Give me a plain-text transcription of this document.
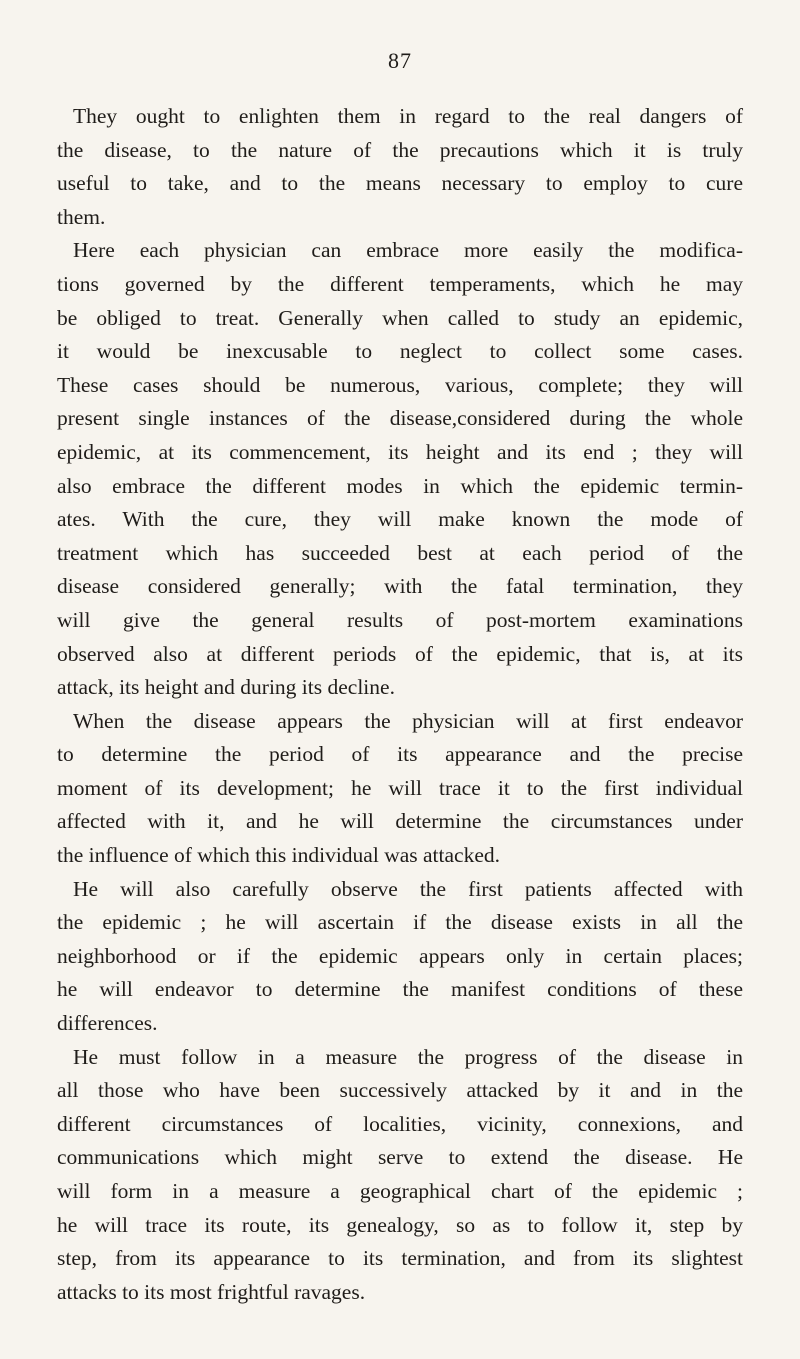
87
They ought to enlighten them in regard to the real dangers of
the disease, to the nature of the precautions which it is truly
useful to take, and to the means necessary to employ to cure
them.
Here each physician can embrace more easily the modifica-
tions governed by the different temperaments, which he may
be obliged to treat. Generally when called to study an epidemic,
it would be inexcusable to neglect to collect some cases.
These cases should be numerous, various, complete; they will
present single instances of the disease,considered during the whole
epidemic, at its commencement, its height and its end ; they will
also embrace the different modes in which the epidemic termin-
ates. With the cure, they will make known the mode of
treatment which has succeeded best at each period of the
disease considered generally; with the fatal termination, they
will give the general results of post-mortem examinations
observed also at different periods of the epidemic, that is, at its
attack, its height and during its decline.
When the disease appears the physician will at first endeavor
to determine the period of its appearance and the precise
moment of its development; he will trace it to the first individual
affected with it, and he will determine the circumstances under
the influence of which this individual was attacked.
He will also carefully observe the first patients affected with
the epidemic ; he will ascertain if the disease exists in all the
neighborhood or if the epidemic appears only in certain places;
he will endeavor to determine the manifest conditions of these
differences.
He must follow in a measure the progress of the disease in
all those who have been successively attacked by it and in the
different circumstances of localities, vicinity, connexions, and
communications which might serve to extend the disease. He
will form in a measure a geographical chart of the epidemic ;
he will trace its route, its genealogy, so as to follow it, step by
step, from its appearance to its termination, and from its slightest
attacks to its most frightful ravages.
